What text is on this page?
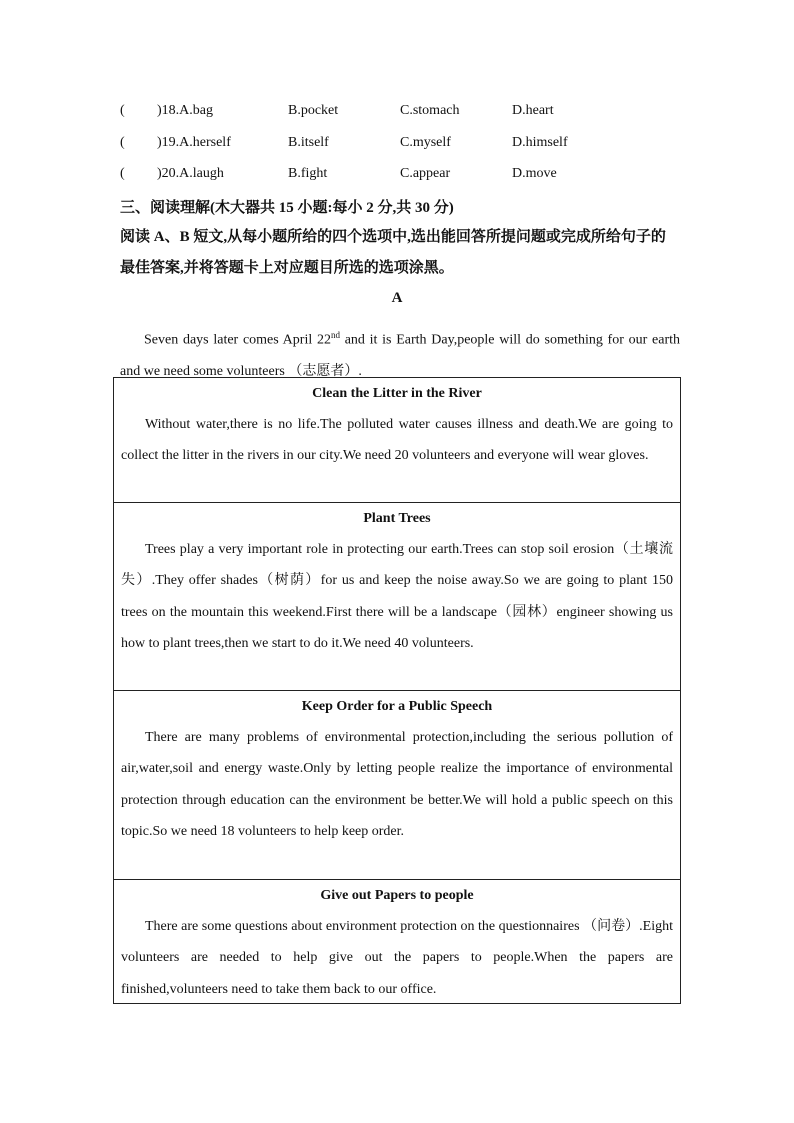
( )18.A.bag	B.pocket	C.stomach	D.heart
( )19.A.herself	B.itself	C.myself	D.himself
( )20.A.laugh	B.fight	C.appear	D.move
三、阅读理解(木大器共 15 小题:每小 2 分,共 30 分)
阅读 A、B 短文,从每小题所给的四个选项中,选出能回答所提问题或完成所给句子的最佳答案,并将答题卡上对应题目所选的选项涂黑。
A
Seven days later comes April 22nd and it is Earth Day,people will do something for our earth and we need some volunteers （志愿者）.
Clean the Litter in the River
Without water,there is no life.The polluted water causes illness and death.We are going to collect the litter in the rivers in our city.We need 20 volunteers and everyone will wear gloves.
Plant Trees
Trees play a very important role in protecting our earth.Trees can stop soil erosion（土壤流失）.They offer shades（树荫）for us and keep the noise away.So we are going to plant 150 trees on the mountain this weekend.First there will be a landscape（园林）engineer showing us how to plant trees,then we start to do it.We need 40 volunteers.
Keep Order for a Public Speech
There are many problems of environmental protection,including the serious pollution of air,water,soil and energy waste.Only by letting people realize the importance of environmental protection through education can the environment be better.We will hold a public speech on this topic.So we need 18 volunteers to help keep order.
Give out Papers to people
There are some questions about environment protection on the questionnaires （问卷）.Eight volunteers are needed to help give out the papers to people.When the papers are finished,volunteers need to take them back to our office.
